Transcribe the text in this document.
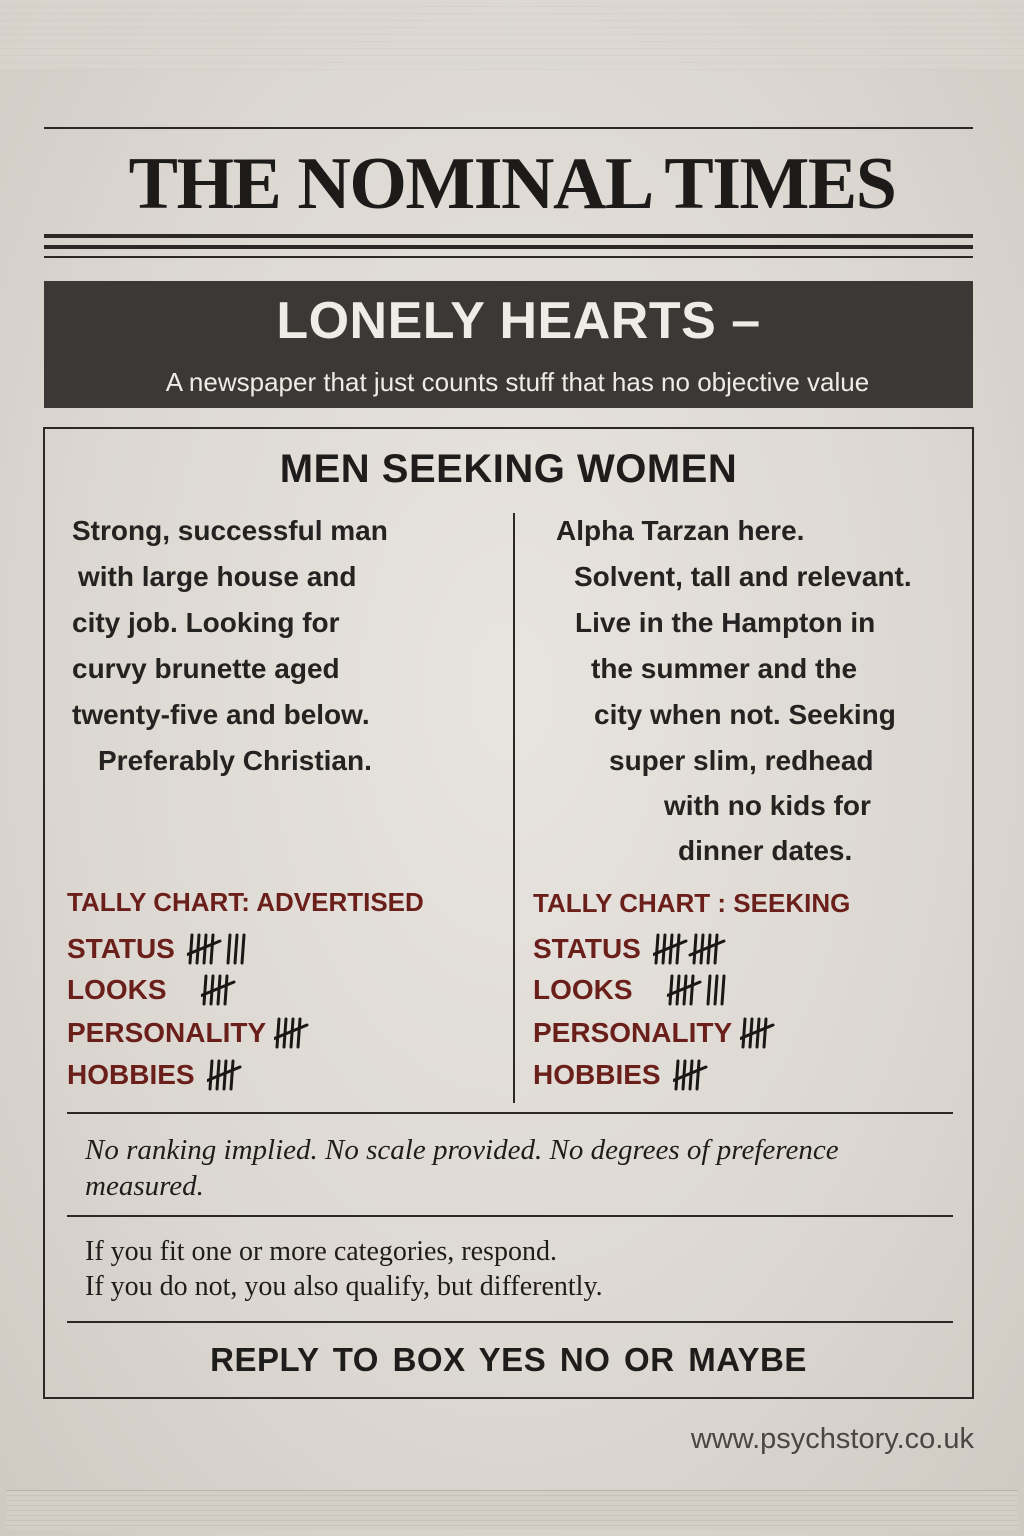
THE NOMINAL TIMES
LONELY HEARTS –
A newspaper that just counts stuff that has no objective value
MEN SEEKING WOMEN
Strong, successful man
with large house and
city job. Looking for
curvy brunette aged
twenty-five and below.
Preferably Christian.
TALLY CHART: ADVERTISED
STATUS
LOOKS
PERSONALITY
HOBBIES
Alpha Tarzan here.
Solvent, tall and relevant.
Live in the Hampton in
the summer and the
city when not. Seeking
super slim, redhead
with no kids for
dinner dates.
TALLY CHART : SEEKING
STATUS
LOOKS
PERSONALITY
HOBBIES
No ranking implied. No scale provided. No degrees of preference
measured.
If you fit one or more categories, respond.
If you do not, you also qualify, but differently.
REPLY TO BOX YES NO OR MAYBE
www.psychstory.co.uk
